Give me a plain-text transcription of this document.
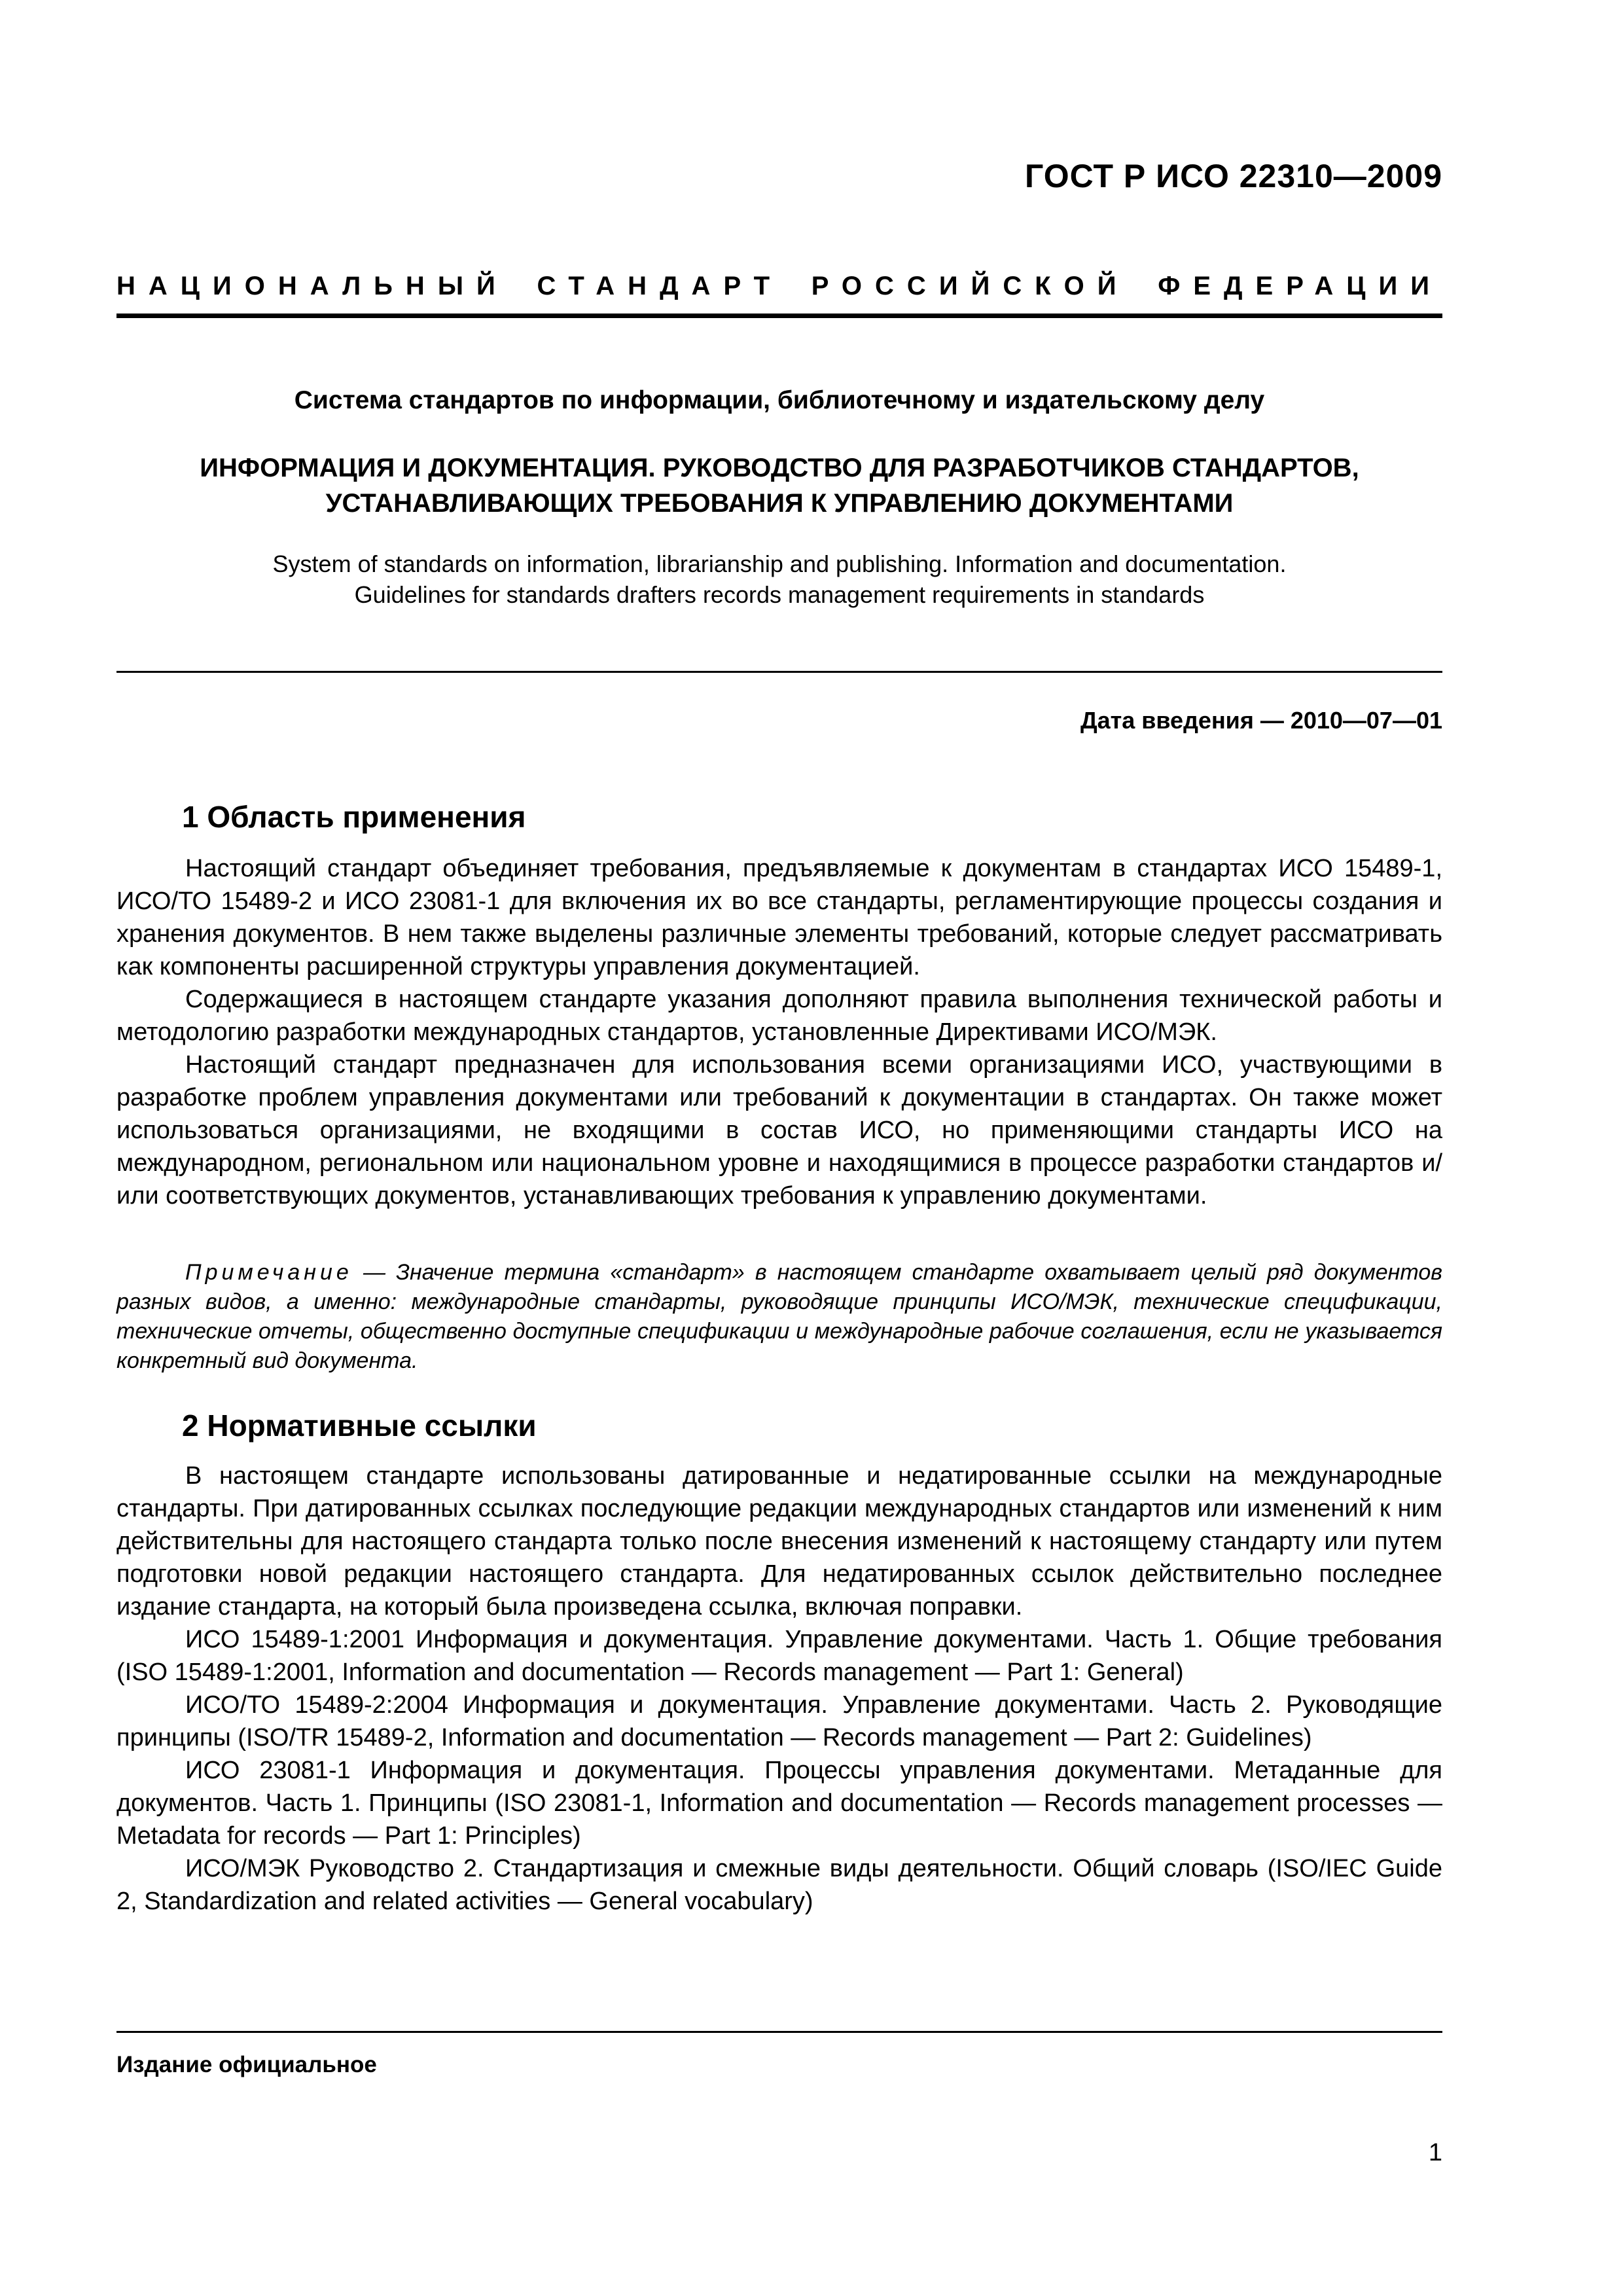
ГОСТ Р ИСО 22310—2009
НАЦИОНАЛЬНЫЙ СТАНДАРТ РОССИЙСКОЙ ФЕДЕРАЦИИ
Система стандартов по информации, библиотечному и издательскому делу
ИНФОРМАЦИЯ И ДОКУМЕНТАЦИЯ. РУКОВОДСТВО ДЛЯ РАЗРАБОТЧИКОВ СТАНДАРТОВ,
УСТАНАВЛИВАЮЩИХ ТРЕБОВАНИЯ К УПРАВЛЕНИЮ ДОКУМЕНТАМИ
System of standards on information, librarianship and publishing. Information and documentation.
Guidelines for standards drafters records management requirements in standards
Дата введения — 2010—07—01
1 Область применения

Настоящий стандарт объединяет требования, предъявляемые к документам в стандартах ИСО 15489-1, ИСО/ТО 15489-2 и ИСО 23081-1 для включения их во все стандарты, регламентирующие процессы создания и хранения документов. В нем также выделены различные элементы требований, которые следует рассматривать как компоненты расширенной структуры управления документацией.

Содержащиеся в настоящем стандарте указания дополняют правила выполнения технической работы и методологию разработки международных стандартов, установленные Директивами ИСО/МЭК.

Настоящий стандарт предназначен для использования всеми организациями ИСО, участвующими в разработке проблем управления документами или требований к документации в стандартах. Он также может использоваться организациями, не входящими в состав ИСО, но применяющими стандарты ИСО на международном, региональном или национальном уровне и находящимися в процессе разработки стандартов и/или соответствующих документов, устанавливающих требования к управлению документами.

Примечание — Значение термина «стандарт» в настоящем стандарте охватывает целый ряд документов разных видов, а именно: международные стандарты, руководящие принципы ИСО/МЭК, технические спецификации, технические отчеты, общественно доступные спецификации и международные рабочие соглашения, если не указывается конкретный вид документа.

2 Нормативные ссылки

В настоящем стандарте использованы датированные и недатированные ссылки на международные стандарты. При датированных ссылках последующие редакции международных стандартов или изменений к ним действительны для настоящего стандарта только после внесения изменений к настоящему стандарту или путем подготовки новой редакции настоящего стандарта. Для недатированных ссылок действительно последнее издание стандарта, на который была произведена ссылка, включая поправки.

ИСО 15489-1:2001 Информация и документация. Управление документами. Часть 1. Общие требования (ISO 15489-1:2001, Information and documentation — Records management — Part 1: General)

ИСО/ТО 15489-2:2004 Информация и документация. Управление документами. Часть 2. Руководящие принципы (ISO/TR 15489-2, Information and documentation — Records management — Part 2: Guidelines)

ИСО 23081-1 Информация и документация. Процессы управления документами. Метаданные для документов. Часть 1. Принципы (ISO 23081-1, Information and documentation — Records management processes — Metadata for records — Part 1: Principles)

ИСО/МЭК Руководство 2. Стандартизация и смежные виды деятельности. Общий словарь (ISO/IEC Guide 2, Standardization and related activities — General vocabulary)

Издание официальное
1
